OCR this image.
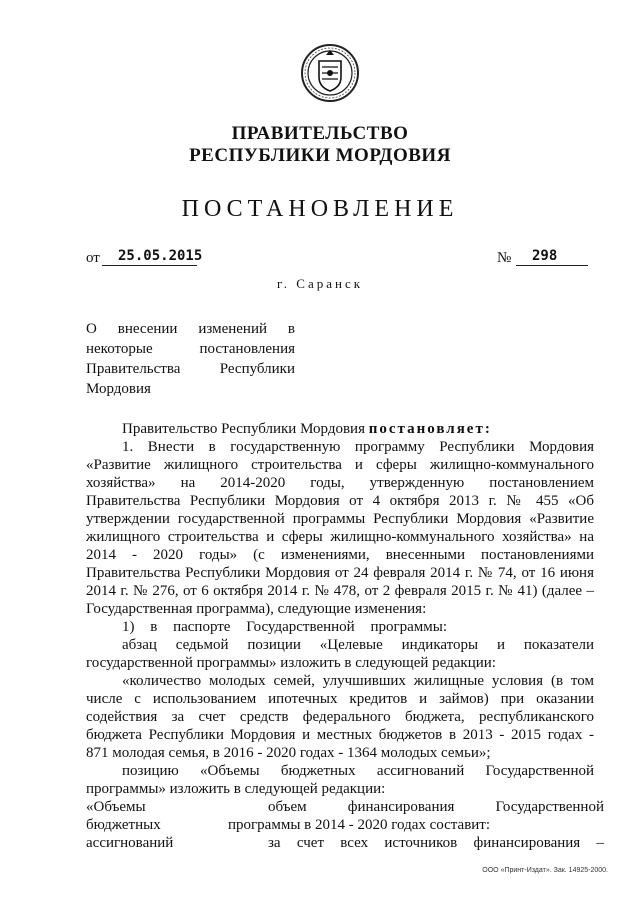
ПРАВИТЕЛЬСТВО
РЕСПУБЛИКИ МОРДОВИЯ
ПОСТАНОВЛЕНИЕ
от 25.05.2015	№ 298
г. Саранск
О внесении изменений в
некоторые постановления
Правительства Республики
Мордовия
Правительство Республики Мордовия постановляет:
1. Внести в государственную программу Республики Мордовия
«Развитие жилищного строительства и сферы жилищно-коммунального
хозяйства» на 2014-2020 годы, утвержденную постановлением
Правительства Республики Мордовия от 4 октября 2013 г. № 455 «Об
утверждении государственной программы Республики Мордовия «Развитие
жилищного строительства и сферы жилищно-коммунального хозяйства» на
2014 - 2020 годы» (с изменениями, внесенными постановлениями
Правительства Республики Мордовия от 24 февраля 2014 г. № 74, от 16 июня
2014 г. № 276, от 6 октября 2014 г. № 478, от 2 февраля 2015 г. № 41) (далее –
Государственная программа), следующие изменения:
1) в паспорте Государственной программы:
абзац седьмой позиции «Целевые индикаторы и показатели
государственной программы» изложить в следующей редакции:
«количество молодых семей, улучшивших жилищные условия (в том
числе с использованием ипотечных кредитов и займов) при оказании
содействия за счет средств федерального бюджета, республиканского
бюджета Республики Мордовия и местных бюджетов в 2013 - 2015 годах -
871 молодая семья, в 2016 - 2020 годах - 1364 молодых семьи»;
позицию «Объемы бюджетных ассигнований Государственной
программы» изложить в следующей редакции:
«Объемы
бюджетных
ассигнований
объем финансирования Государственной
программы в 2014 - 2020 годах составит:
за счет всех источников финансирования –
ООО «Принт-Издат». Зак. 14925-2000.
